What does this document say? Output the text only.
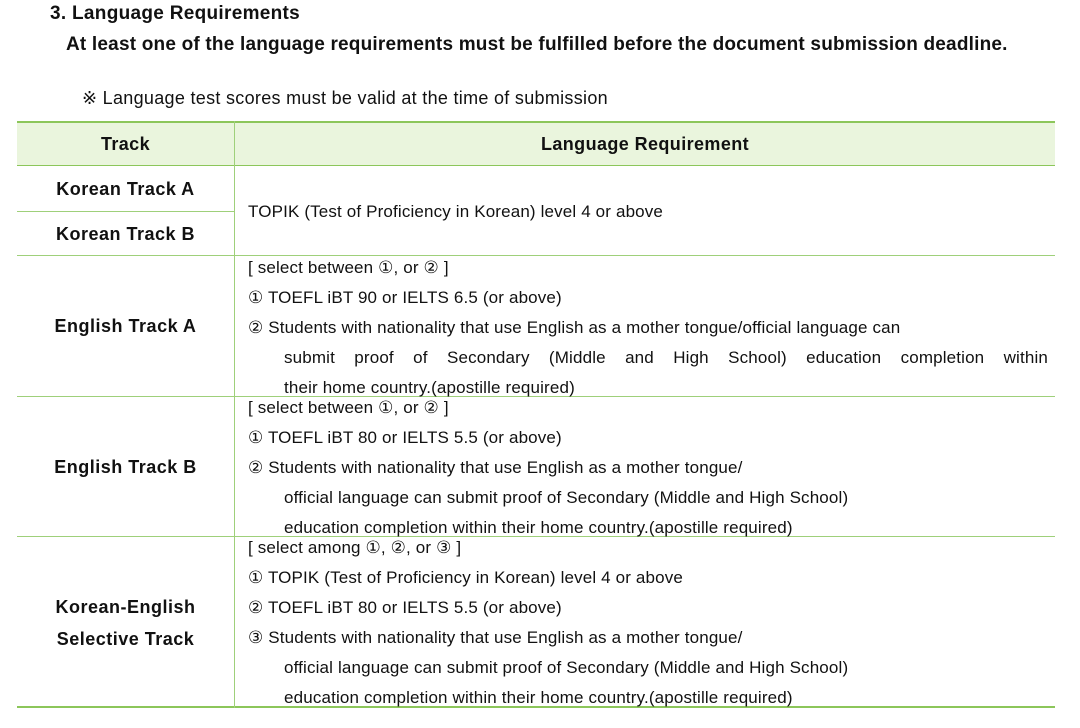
3. Language Requirements
At least one of the language requirements must be fulfilled before the document submission deadline.
※ Language test scores must be valid at the time of submission
Track	Language Requirement
Korean Track A
Korean Track B
TOPIK (Test of Proficiency in Korean) level 4 or above
English Track A
[ select between ①, or ② ]
① TOEFL iBT 90 or IELTS 6.5 (or above)
② Students with nationality that use English as a mother tongue/official language can
submit proof of Secondary (Middle and High School) education completion within
their home country.(apostille required)
English Track B
[ select between ①, or ② ]
① TOEFL iBT 80 or IELTS 5.5 (or above)
② Students with nationality that use English as a mother tongue/
official language can submit proof of Secondary (Middle and High School)
education completion within their home country.(apostille required)
Korean-English
Selective Track
[ select among ①, ②, or ③ ]
① TOPIK (Test of Proficiency in Korean) level 4 or above
② TOEFL iBT 80 or IELTS 5.5 (or above)
③ Students with nationality that use English as a mother tongue/
official language can submit proof of Secondary (Middle and High School)
education completion within their home country.(apostille required)
